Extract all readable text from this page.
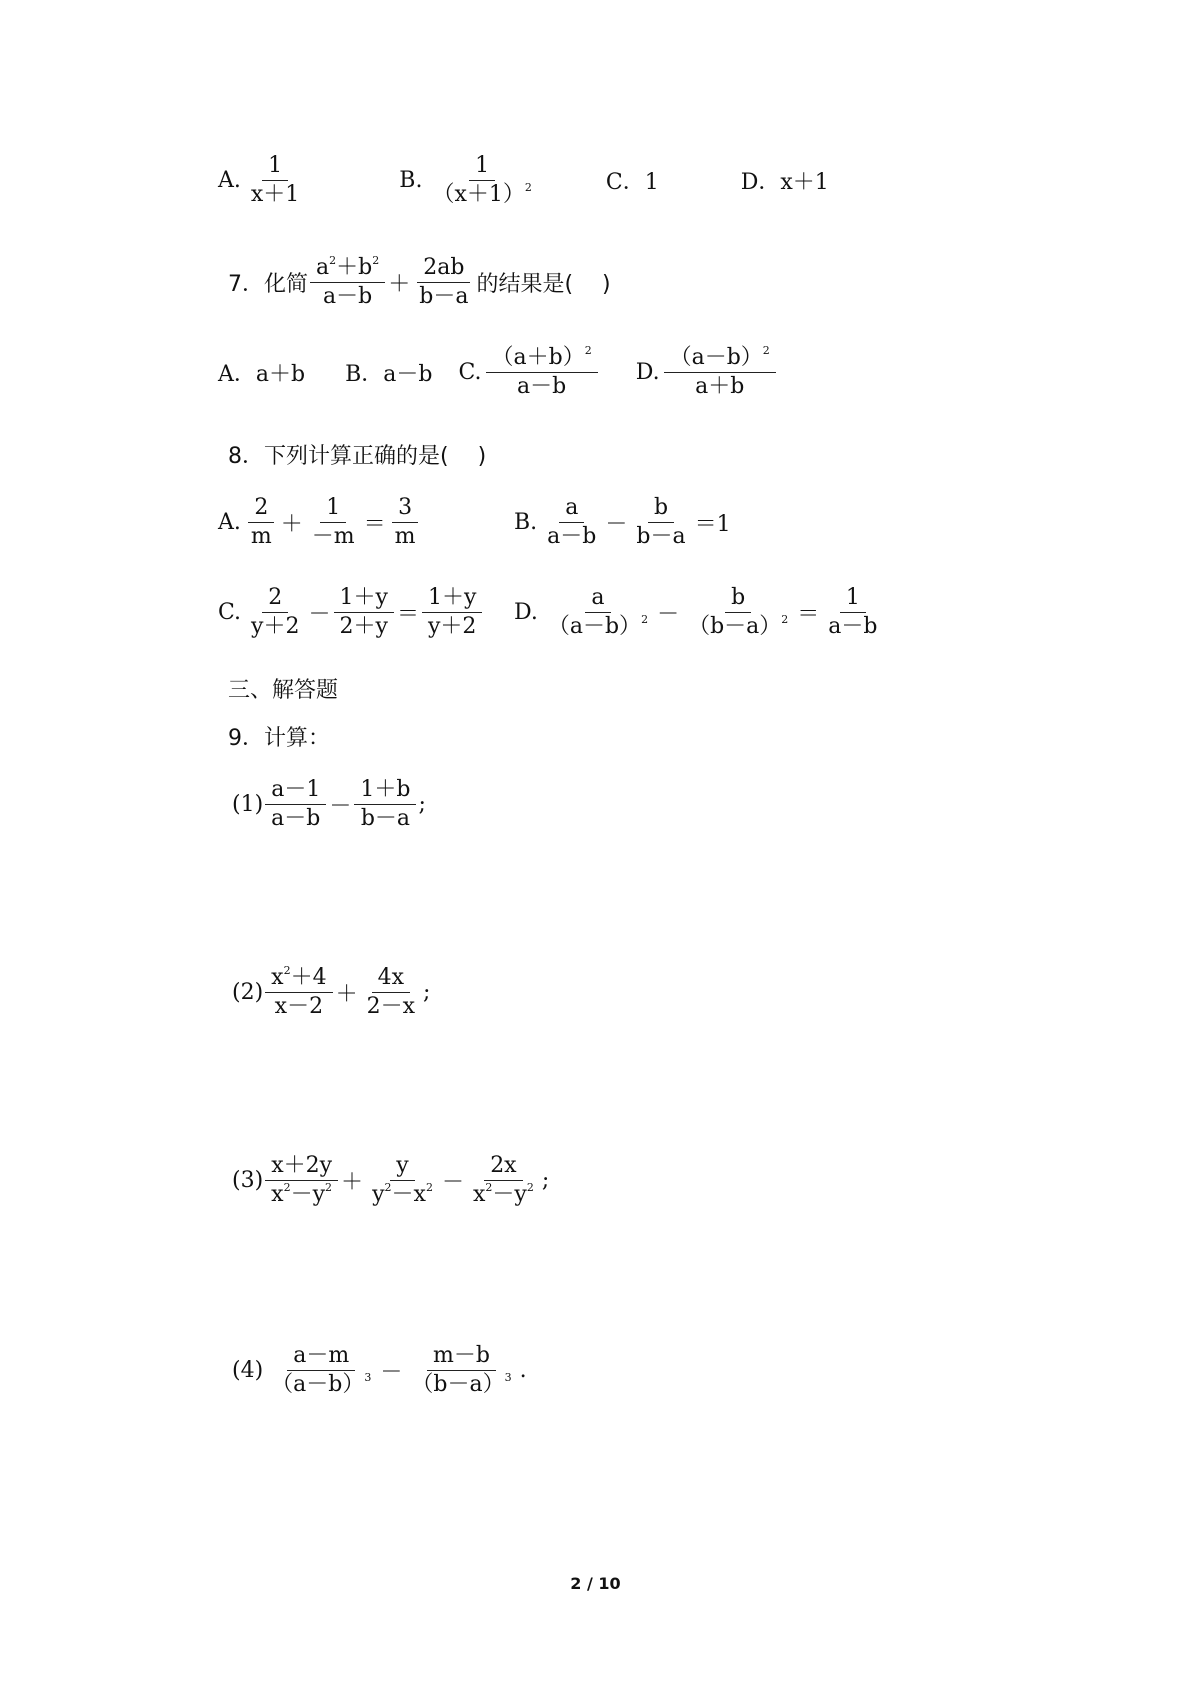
A. $\frac{1}{x+1}$	B. $\frac{1}{(x+1)^2}$	C．1	D．x＋1
7．化简 $\frac{a^2+b^2}{a-b} + \frac{2ab}{b-a}$ 的结果是(　 )
A．a＋b B．a－b C. $\frac{(a+b)^2}{a-b} D$. $\frac{(a-b)^2}{a+b}$
8．下列计算正确的是(　 )
A. $\frac{2}{m} + \frac{1}{-m} = \frac{3}{m}$	B. $\frac{a}{a-b} - \frac{b}{b-a} =1$
C. $\frac{2}{y+2} - \frac{1+y}{2+y} = \frac{1+y}{y+2} D$. $\frac{a}{(a-b)^2} - \frac{b}{(b-a)^2} = \frac{1}{a-b}$
三、解答题
9．计算：
$(1) \frac{a-1}{a-b} - \frac{1+b}{b-a}$ ;
$(2) \frac{x^2+4}{x-2} + \frac{4x}{2-x}$ ;
$(3) \frac{x+2y}{x^2-y^2} + \frac{y}{y^2-x^2} - \frac{2x}{x^2-y^2}$ ;
$(4) \frac{a-m}{(a-b)^3} - \frac{m-b}{(b-a)^3}$ .
2 / 10
